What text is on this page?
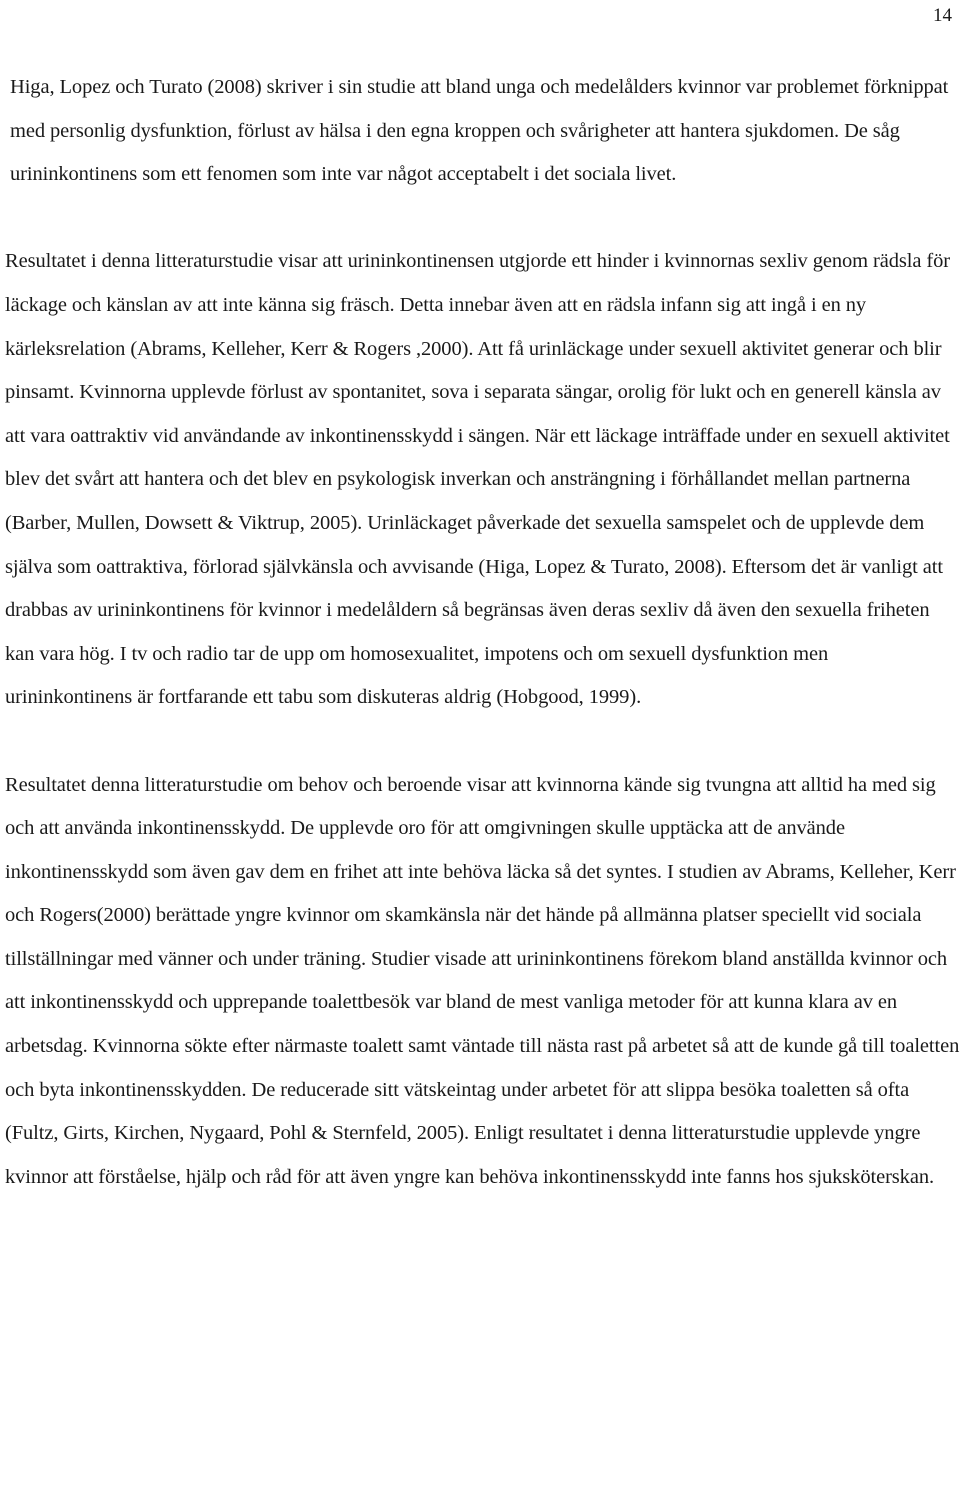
14

Higa, Lopez och Turato (2008) skriver i sin studie att bland unga och medelålders kvinnor var problemet förknippat med personlig dysfunktion, förlust av hälsa i den egna kroppen och svårigheter att hantera sjukdomen. De såg urininkontinens som ett fenomen som inte var något acceptabelt i det sociala livet.

Resultatet i denna litteraturstudie visar att urininkontinensen utgjorde ett hinder i kvinnornas sexliv genom rädsla för läckage och känslan av att inte känna sig fräsch. Detta innebar även att en rädsla infann sig att ingå i en ny kärleksrelation (Abrams, Kelleher, Kerr & Rogers ,2000). Att få urinläckage under sexuell aktivitet generar och blir pinsamt. Kvinnorna upplevde förlust av spontanitet, sova i separata sängar, orolig för lukt och en generell känsla av att vara oattraktiv vid användande av inkontinensskydd i sängen. När ett läckage inträffade under en sexuell aktivitet blev det svårt att hantera och det blev en psykologisk inverkan och ansträngning i förhållandet mellan partnerna (Barber, Mullen, Dowsett & Viktrup, 2005). Urinläckaget påverkade det sexuella samspelet och de upplevde dem själva som oattraktiva, förlorad självkänsla och avvisande (Higa, Lopez & Turato, 2008). Eftersom det är vanligt att drabbas av urininkontinens för kvinnor i medelåldern så begränsas även deras sexliv då även den sexuella friheten kan vara hög. I tv och radio tar de upp om homosexualitet, impotens och om sexuell dysfunktion men urininkontinens är fortfarande ett tabu som diskuteras aldrig (Hobgood, 1999).

Resultatet denna litteraturstudie om behov och beroende visar att kvinnorna kände sig tvungna att alltid ha med sig och att använda inkontinensskydd. De upplevde oro för att omgivningen skulle upptäcka att de använde inkontinensskydd som även gav dem en frihet att inte behöva läcka så det syntes. I studien av Abrams, Kelleher, Kerr och Rogers(2000) berättade yngre kvinnor om skamkänsla när det hände på allmänna platser speciellt vid sociala tillställningar med vänner och under träning. Studier visade att urininkontinens förekom bland anställda kvinnor och att inkontinensskydd och upprepande toalettbesök var bland de mest vanliga metoder för att kunna klara av en arbetsdag. Kvinnorna sökte efter närmaste toalett samt väntade till nästa rast på arbetet så att de kunde gå till toaletten och byta inkontinensskydden. De reducerade sitt vätskeintag under arbetet för att slippa besöka toaletten så ofta (Fultz, Girts, Kirchen, Nygaard, Pohl & Sternfeld, 2005). Enligt resultatet i denna litteraturstudie upplevde yngre kvinnor att förståelse, hjälp och råd för att även yngre kan behöva inkontinensskydd inte fanns hos sjuksköterskan.
